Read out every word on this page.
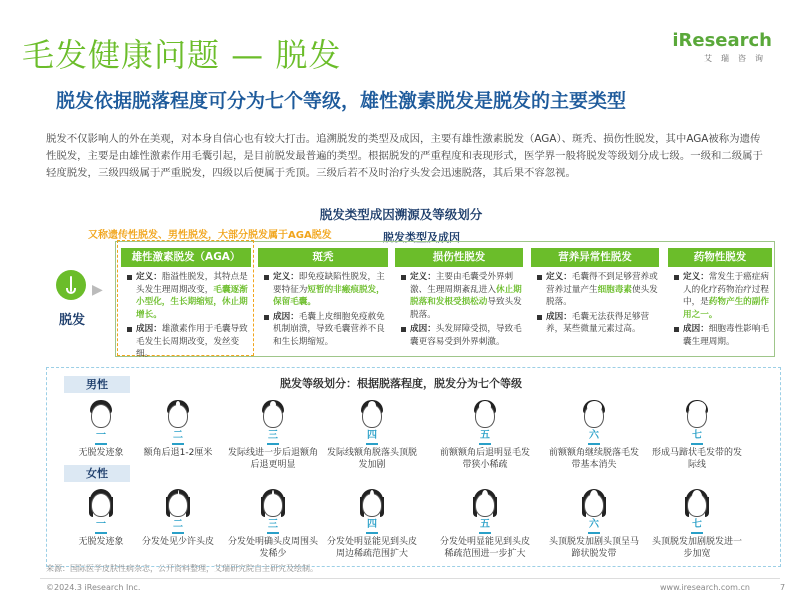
毛发健康问题 — 脱发	iResearch
艾瑞咨询
脱发依据脱落程度可分为七个等级，雄性激素脱发是脱发的主要类型
脱发不仅影响人的外在美观，对本身自信心也有较大打击。追溯脱发的类型及成因，主要有雄性激素脱发（AGA）、斑秃、损伤性脱发，其中AGA被称为遗传性脱发，主要是由雄性激素作用毛囊引起，是目前脱发最普遍的类型。根据脱发的严重程度和表现形式，医学界一般将脱发等级划分成七级。一级和二级属于轻度脱发，三级四级属于严重脱发，四级以后便属于秃顶。三级后若不及时治疗头发会迅速脱落，其后果不容忽视。
脱发类型成因溯源及等级划分
又称遗传性脱发、男性脱发，大部分脱发属于AGA脱发	脱发类型及成因
▶
脱发
雄性激素脱发（AGA）
定义：脂溢性脱发，其特点是头发生理周期改变，毛囊逐渐小型化，生长期缩短，休止期增长。
成因：雄激素作用于毛囊导致毛发生长周期改变，发丝变细。
斑秃
定义：即免疫缺陷性脱发，主要特征为短暂的非瘢痕脱发，保留毛囊。
成因：毛囊上皮细胞免疫赦免机制崩溃，导致毛囊营养不良和生长期缩短。
损伤性脱发
定义：主要由毛囊受外界刺激、生理周期紊乱进入休止期脱落和发根受损松动导致头发脱落。
成因：头发屏障受损，导致毛囊更容易受到外界刺激。
营养异常性脱发
定义：毛囊得不到足够营养或营养过量产生细胞毒素使头发脱落。
成因：毛囊无法获得足够营养，某些微量元素过高。
药物性脱发
定义：常发生于癌症病人的化疗药物治疗过程中，是药物产生的副作用之一。
成因：细胞毒性影响毛囊生理周期。
脱发等级划分：根据脱落程度，脱发分为七个等级
男性
女性
一
无脱发迹象
二
额角后退1-2厘米
三
发际线进一步后退额角后退更明显
四
发际线额角脱落头顶脱发加剧
五
前额额角后退明显毛发带狭小稀疏
六
前额额角继续脱落毛发带基本消失
七
形成马蹄状毛发带的发际线
一
无脱发迹象
二
分发处见少许头皮
三
分发处明确头皮周围头发稀少
四
分发处明显能见到头皮周边稀疏范围扩大
五
分发处明显能见到头皮稀疏范围进一步扩大
六
头顶脱发加剧头顶呈马蹄状脱发带
七
头顶脱发加剧脱发进一步加宽
来源：国际医学皮肤性病杂志，公开资料整理，艾瑞研究院自主研究及绘制。
©2024.3 iResearch Inc.	www.iresearch.com.cn	7
